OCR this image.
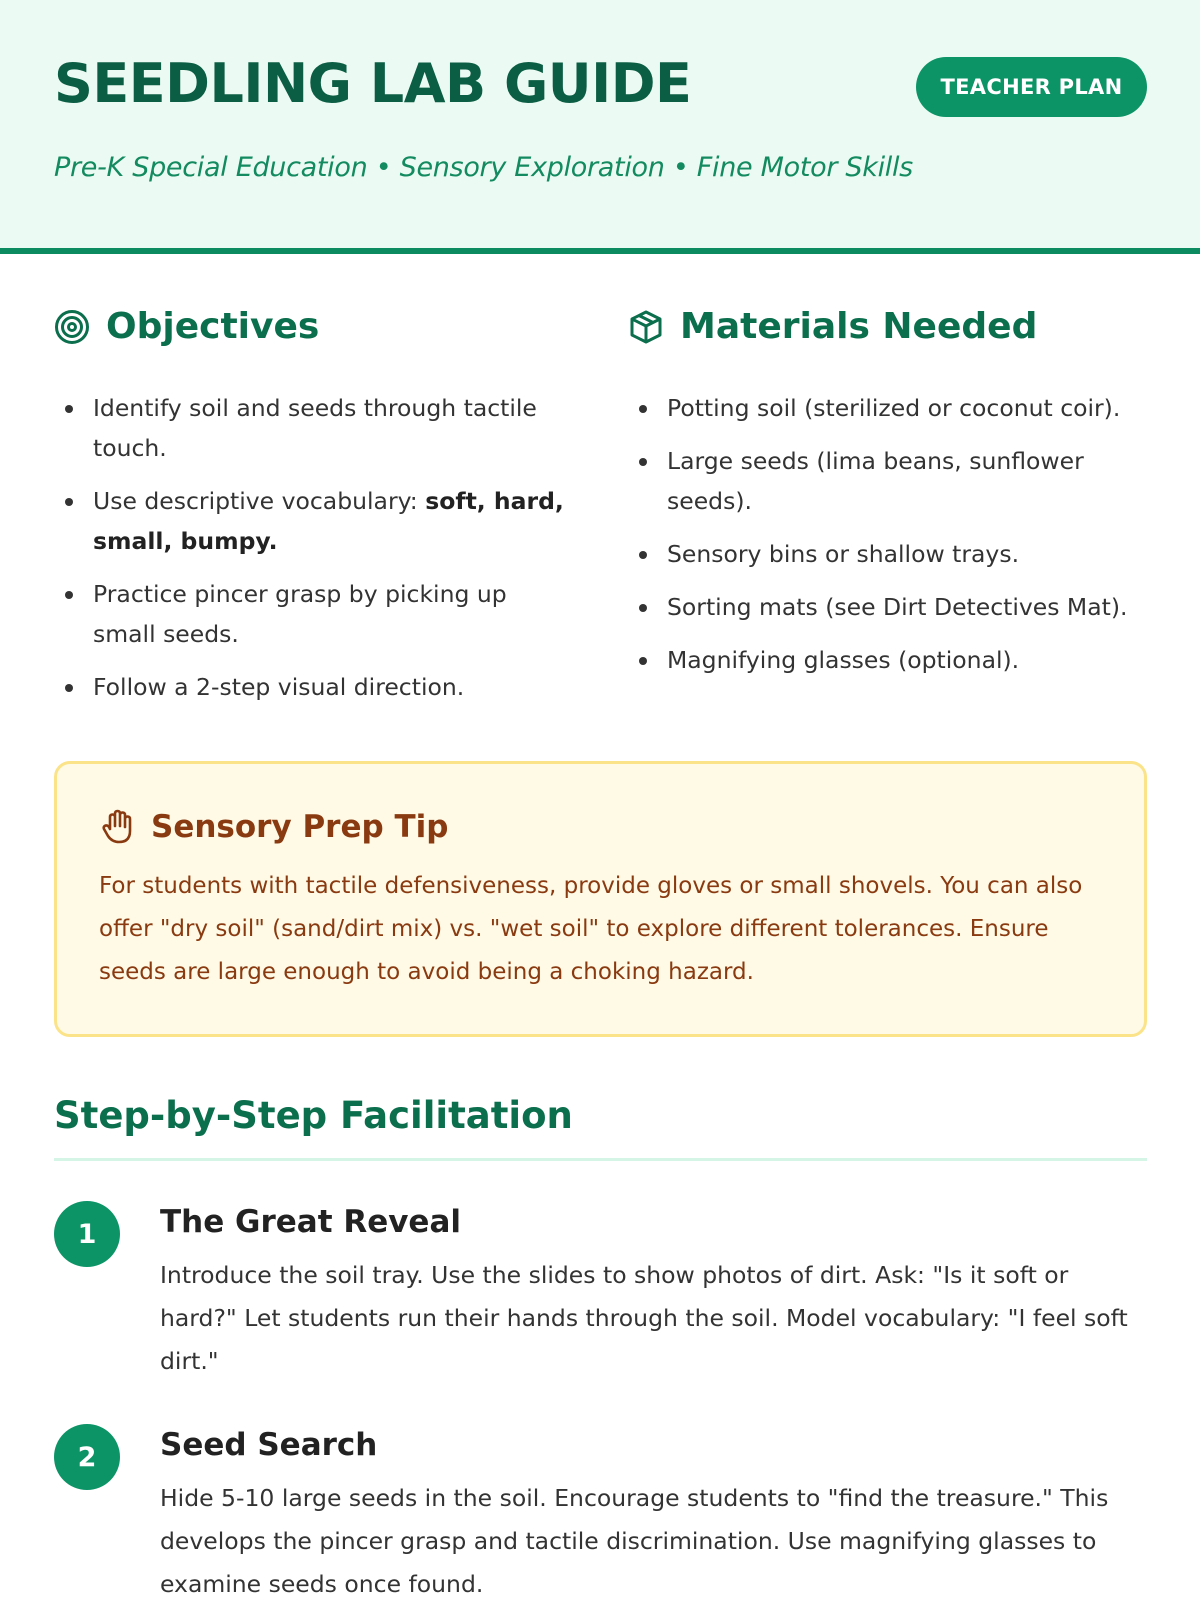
SEEDLING LAB GUIDE	TEACHER PLAN

Pre-K Special Education • Sensory Exploration • Fine Motor Skills

Objectives
Identify soil and seeds through tactile touch.
Use descriptive vocabulary: soft, hard, small, bumpy.
Practice pincer grasp by picking up small seeds.
Follow a 2-step visual direction.
Materials Needed
Potting soil (sterilized or coconut coir).
Large seeds (lima beans, sunflower seeds).
Sensory bins or shallow trays.
Sorting mats (see Dirt Detectives Mat).
Magnifying glasses (optional).
Sensory Prep Tip

For students with tactile defensiveness, provide gloves or small shovels. You can also offer "dry soil" (sand/dirt mix) vs. "wet soil" to explore different tolerances. Ensure seeds are large enough to avoid being a choking hazard.

Step-by-Step Facilitation
1	The Great Reveal

Introduce the soil tray. Use the slides to show photos of dirt. Ask: "Is it soft or hard?" Let students run their hands through the soil. Model vocabulary: "I feel soft dirt."

2	Seed Search

Hide 5-10 large seeds in the soil. Encourage students to "find the treasure." This develops the pincer grasp and tactile discrimination. Use magnifying glasses to examine seeds once found.
